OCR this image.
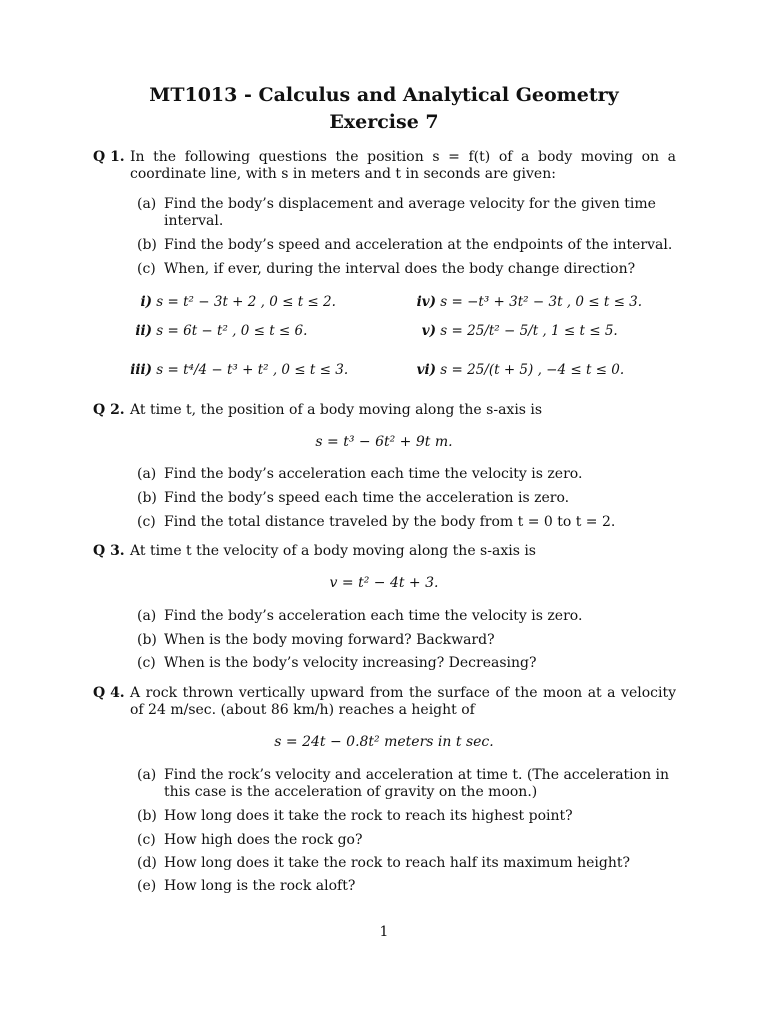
MT1013 - Calculus and Analytical Geometry
Exercise 7
Q 1. In the following questions the position s = f(t) of a body moving on a coordinate line, with s in meters and t in seconds are given:
(a) Find the body’s displacement and average velocity for the given time interval.
(b) Find the body’s speed and acceleration at the endpoints of the interval.
(c) When, if ever, during the interval does the body change direction?
i) s = t² − 3t + 2 , 0 ≤ t ≤ 2.	iv) s = −t³ + 3t² − 3t , 0 ≤ t ≤ 3.
ii) s = 6t − t² , 0 ≤ t ≤ 6.	v) s = 25/t² − 5/t , 1 ≤ t ≤ 5.
iii) s = t⁴/4 − t³ + t² , 0 ≤ t ≤ 3.	vi) s = 25/(t + 5) , −4 ≤ t ≤ 0.
Q 2. At time t, the position of a body moving along the s-axis is
s = t³ − 6t² + 9t m.
(a) Find the body’s acceleration each time the velocity is zero.
(b) Find the body’s speed each time the acceleration is zero.
(c) Find the total distance traveled by the body from t = 0 to t = 2.
Q 3. At time t the velocity of a body moving along the s-axis is
v = t² − 4t + 3.
(a) Find the body’s acceleration each time the velocity is zero.
(b) When is the body moving forward? Backward?
(c) When is the body’s velocity increasing? Decreasing?
Q 4. A rock thrown vertically upward from the surface of the moon at a velocity of 24 m/sec. (about 86 km/h) reaches a height of
s = 24t − 0.8t² meters in t sec.
(a) Find the rock’s velocity and acceleration at time t. (The acceleration in this case is the acceleration of gravity on the moon.)
(b) How long does it take the rock to reach its highest point?
(c) How high does the rock go?
(d) How long does it take the rock to reach half its maximum height?
(e) How long is the rock aloft?
1
